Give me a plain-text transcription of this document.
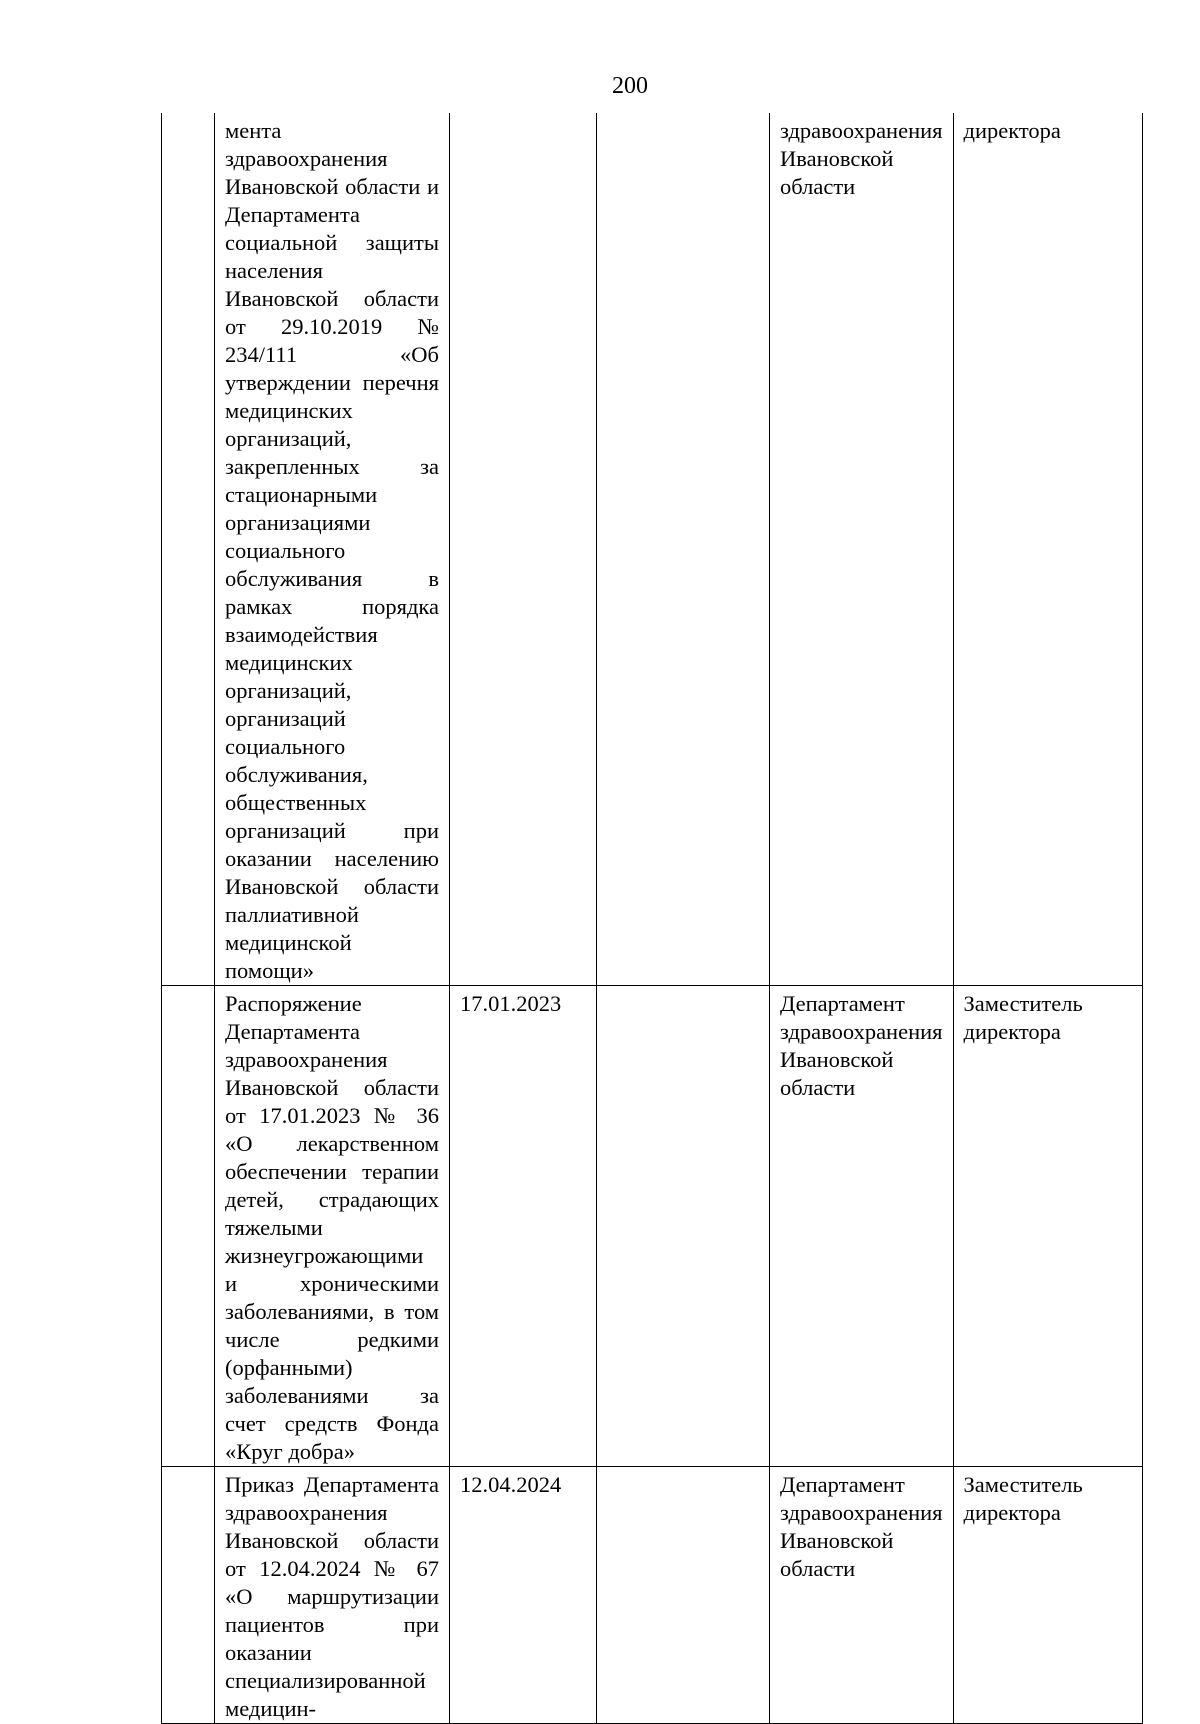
200
	мента здравоохранения Ивановской области и Департамента социальной защиты населения Ивановской области от 29.10.2019 № 234/111 «Об утверждении перечня медицинских организаций, закрепленных за стационарными организациями социального обслуживания в рамках порядка взаимодействия медицинских организаций, организаций социального обслуживания, общественных организаций при оказании населению Ивановской области паллиативной медицинской помощи»			здравоохранения Ивановской области	директора
	Распоряжение Департамента здравоохранения Ивановской области от 17.01.2023 № 36 «О лекарственном обеспечении терапии детей, страдающих тяжелыми жизнеугрожающими и хроническими заболеваниями, в том числе редкими (орфанными) заболеваниями за счет средств Фонда «Круг добра»	17.01.2023		Департамент здравоохранения Ивановской области	Заместитель директора
	Приказ Департамента здравоохранения Ивановской области от 12.04.2024 № 67 «О маршрутизации пациентов при оказании специализированной медицин-	12.04.2024		Департамент здравоохранения Ивановской области	Заместитель директора
